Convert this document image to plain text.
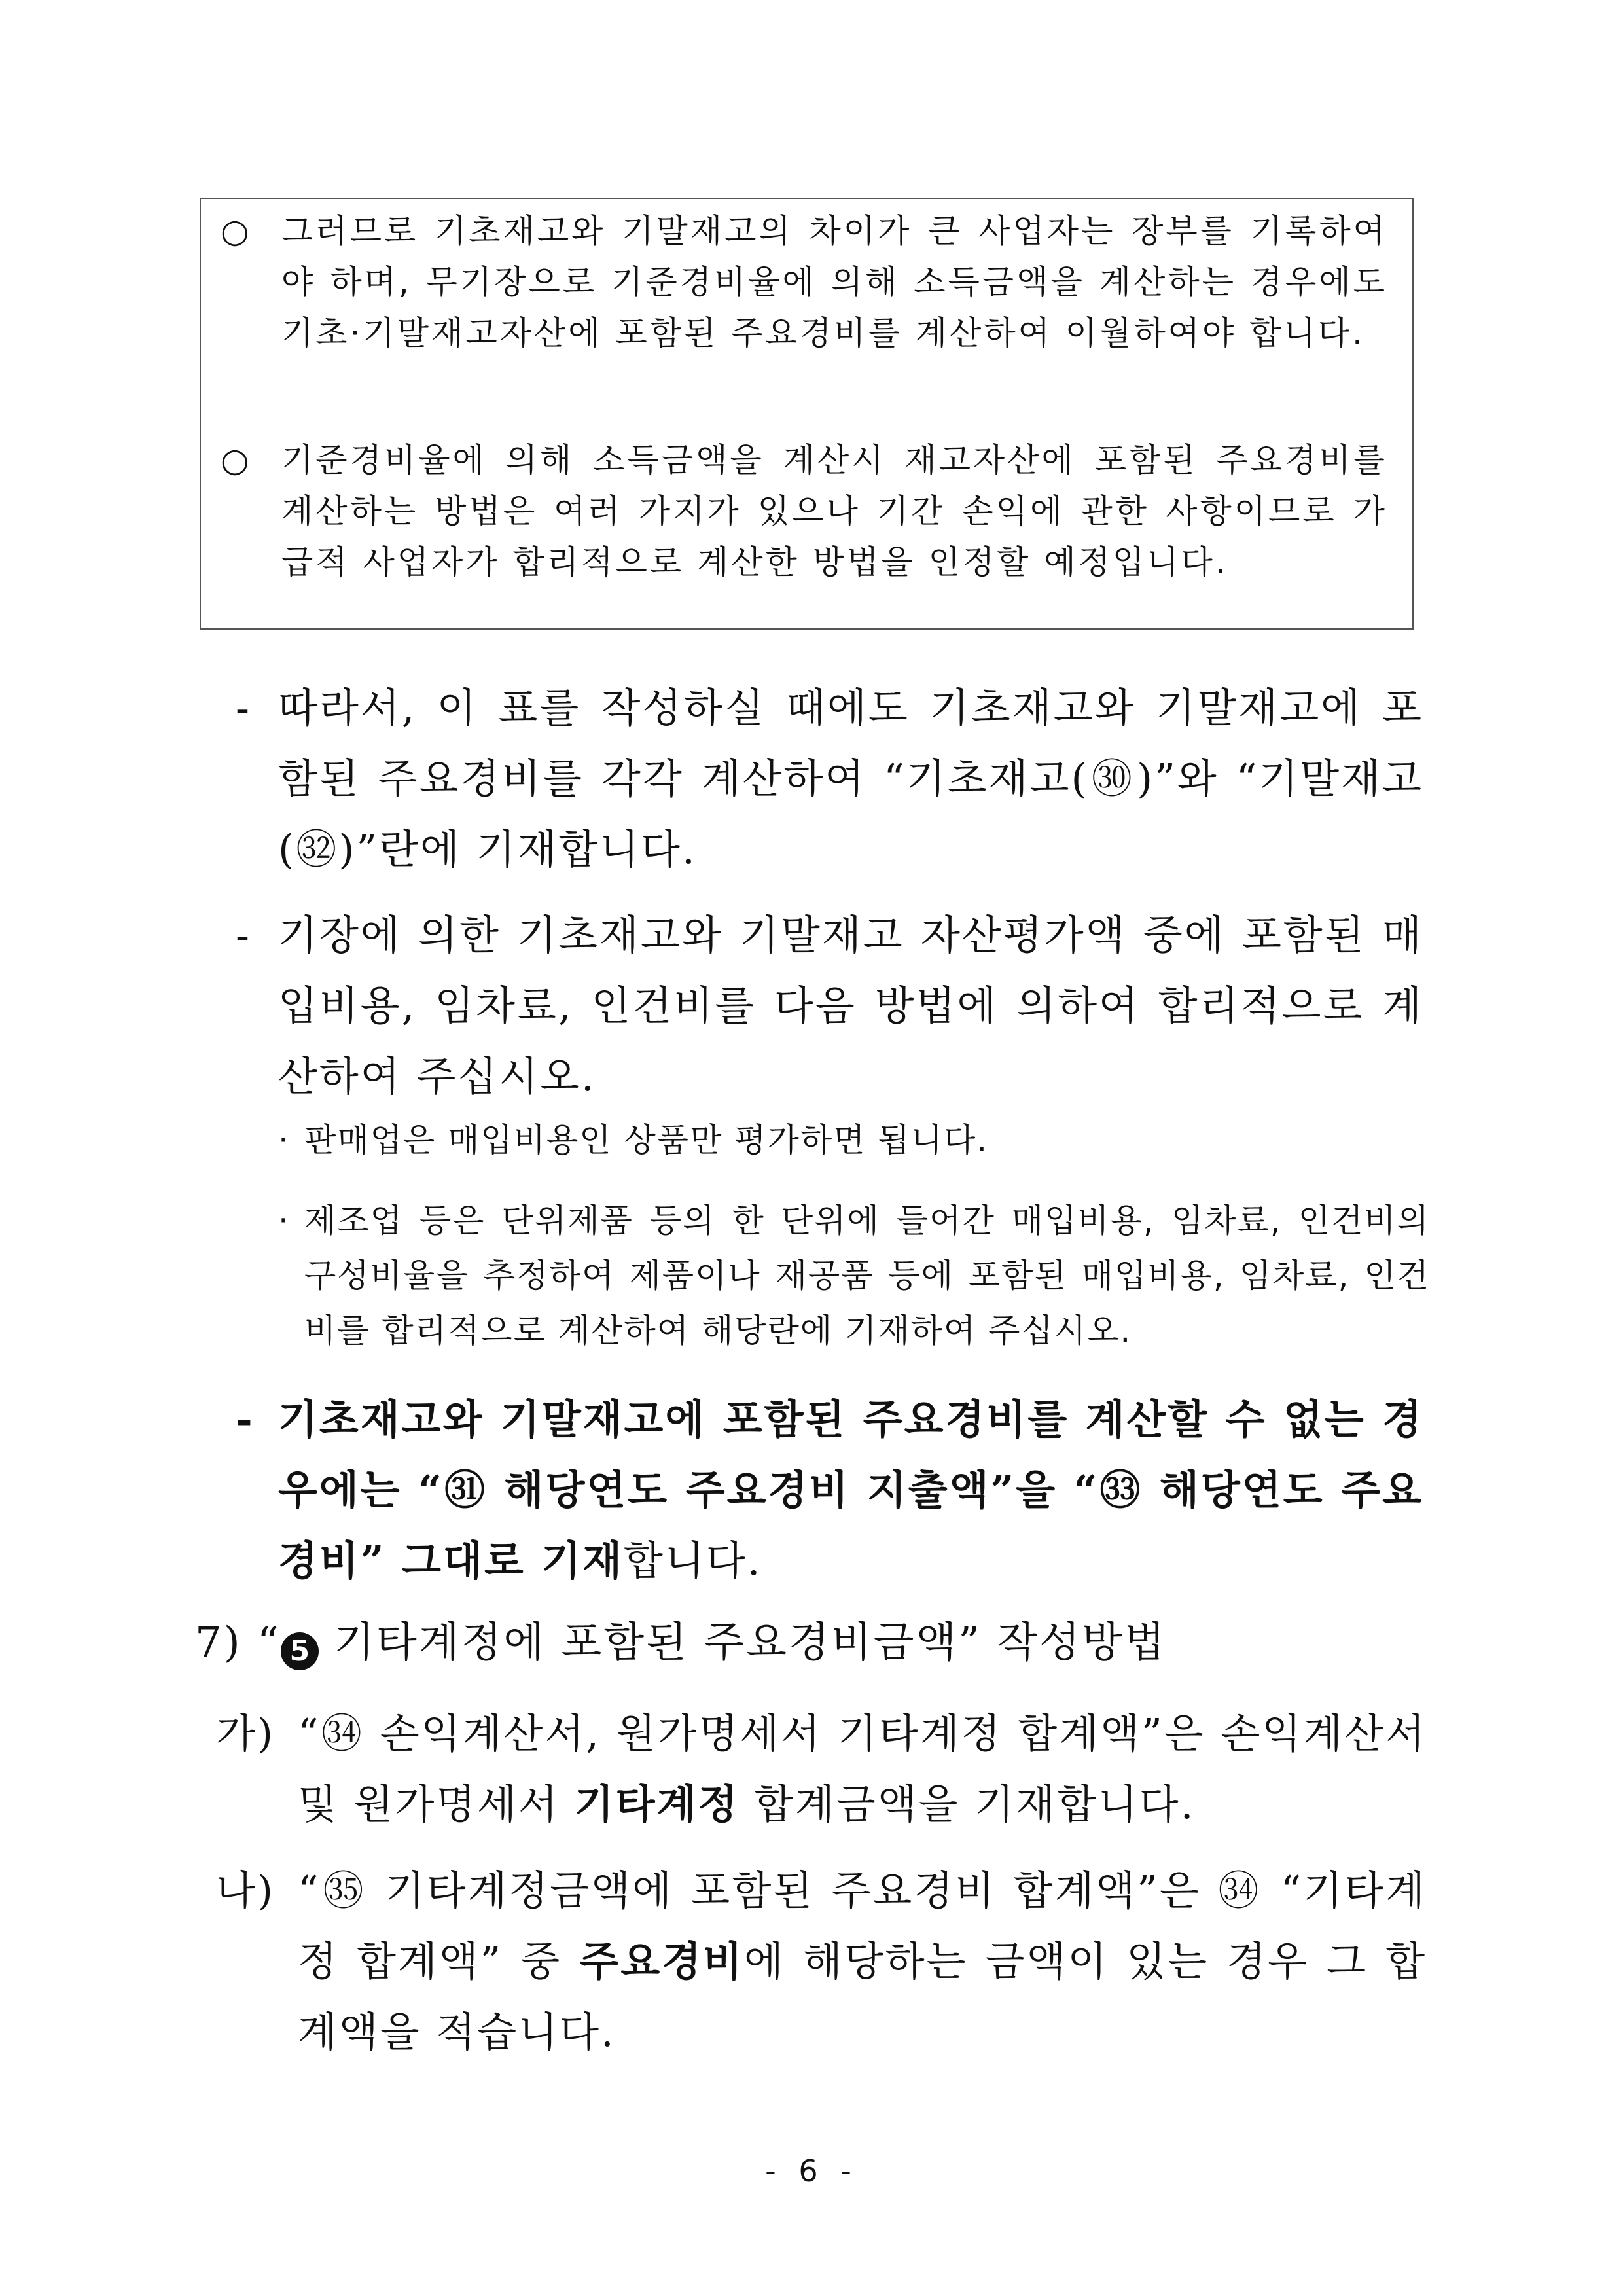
○ 그러므로 기초재고와 기말재고의 차이가 큰 사업자는 장부를 기록하여야 하며, 무기장으로 기준경비율에 의해 소득금액을 계산하는 경우에도 기초·기말재고자산에 포함된 주요경비를 계산하여 이월하여야 합니다.
○ 기준경비율에 의해 소득금액을 계산시 재고자산에 포함된 주요경비를 계산하는 방법은 여러 가지가 있으나 기간 손익에 관한 사항이므로 가급적 사업자가 합리적으로 계산한 방법을 인정할 예정입니다.
- 따라서, 이 표를 작성하실 때에도 기초재고와 기말재고에 포함된 주요경비를 각각 계산하여 “기초재고(㉚)”와 “기말재고(㉜)”란에 기재합니다.
- 기장에 의한 기초재고와 기말재고 자산평가액 중에 포함된 매입비용, 임차료, 인건비를 다음 방법에 의하여 합리적으로 계산하여 주십시오.
· 판매업은 매입비용인 상품만 평가하면 됩니다.
· 제조업 등은 단위제품 등의 한 단위에 들어간 매입비용, 임차료, 인건비의 구성비율을 추정하여 제품이나 재공품 등에 포함된 매입비용, 임차료, 인건비를 합리적으로 계산하여 해당란에 기재하여 주십시오.
- 기초재고와 기말재고에 포함된 주요경비를 계산할 수 없는 경우에는 “㉛ 해당연도 주요경비 지출액”을 “㉝ 해당연도 주요경비” 그대로 기재합니다.
7) “ 5 기타계정에 포함된 주요경비금액” 작성방법
가) “㉞ 손익계산서, 원가명세서 기타계정 합계액”은 손익계산서 및 원가명세서 기타계정 합계금액을 기재합니다.
나) “㉟ 기타계정금액에 포함된 주요경비 합계액”은 ㉞ “기타계정 합계액” 중 주요경비에 해당하는 금액이 있는 경우 그 합계액을 적습니다.
- 6 -
